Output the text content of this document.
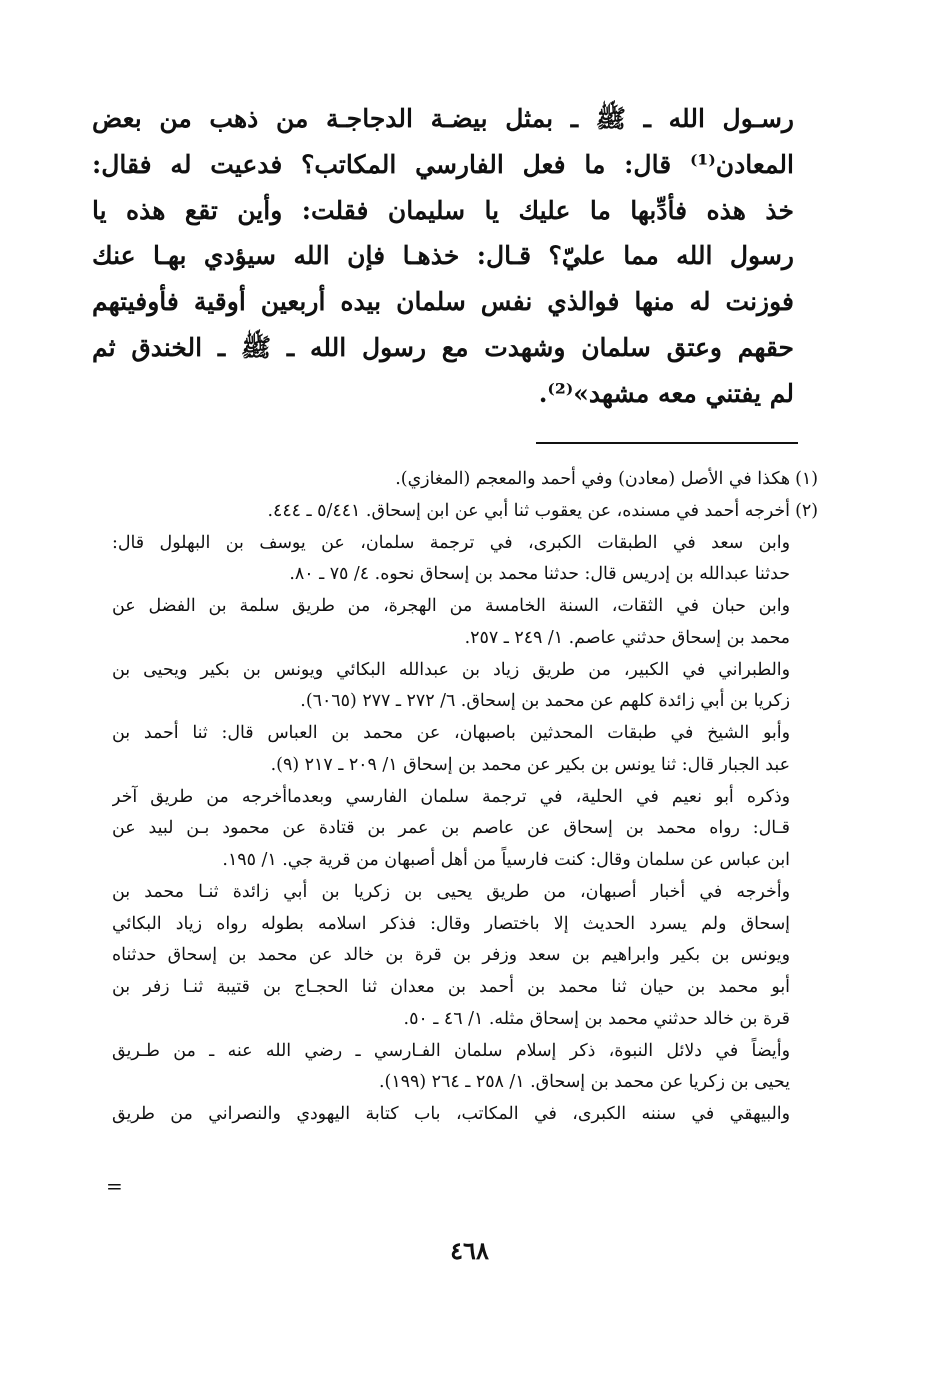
رسـول الله ـ ﷺ ـ بمثل بيضـة الدجاجـة من ذهب من بعض
المعادن⁽¹⁾ قال: ما فعل الفارسي المكاتب؟ فدعيت له فقال:
خذ هذه فأدِّبها ما عليك يا سليمان فقلت: وأين تقع هذه يا
رسول الله مما عليّ؟ قـال: خذهـا فإن الله سيؤدي بهـا عنك
فوزنت له منها فوالذي نفس سلمان بيده أربعين أوقية فأوفيتهم
حقهم وعتق سلمان وشهدت مع رسول الله ـ ﷺ ـ الخندق ثم
لم يفتني معه مشهد»⁽²⁾.
(١)هكذا في الأصل (معادن) وفي أحمد والمعجم (المغازي).
(٢)أخرجه أحمد في مسنده، عن يعقوب ثنا أبي عن ابن إسحاق. ٥/٤٤١ ـ ٤٤٤.
وابن سعد في الطبقات الكبرى، في ترجمة سلمان، عن يوسف بن البهلول قال:
حدثنا عبدالله بن إدريس قال: حدثنا محمد بن إسحاق نحوه. ٤/ ٧٥ ـ ٨٠.
وابن حبان في الثقات، السنة الخامسة من الهجرة، من طريق سلمة بن الفضل عن
محمد بن إسحاق حدثني عاصم. ١/ ٢٤٩ ـ ٢٥٧.
والطبراني في الكبير، من طريق زياد بن عبدالله البكائي ويونس بن بكير ويحيى بن
زكريا بن أبي زائدة كلهم عن محمد بن إسحاق. ٦/ ٢٧٢ ـ ٢٧٧ (٦٠٦٥).
وأبو الشيخ في طبقات المحدثين باصبهان، عن محمد بن العباس قال: ثنا أحمد بن
عبد الجبار قال: ثنا يونس بن بكير عن محمد بن إسحاق ١/ ٢٠٩ ـ ٢١٧ (٩).
وذكره أبو نعيم في الحلية، في ترجمة سلمان الفارسي وبعدماأخرجه من طريق آخر
قـال: رواه محمد بن إسحاق عن عاصم بن عمر بن قتادة عن محمود بـن لبيد عن
ابن عباس عن سلمان وقال: كنت فارسياً من أهل أصبهان من قرية جي. ١/ ١٩٥.
وأخرجه في أخبار أصبهان، من طريق يحيى بن زكريا بن أبي زائدة ثنـا محمد بن
إسحاق ولم يسرد الحديث إلا باختصار وقال: فذكر اسلامه بطوله رواه زياد البكائي
ويونس بن بكير وابراهيم بن سعد وزفر بن قرة بن خالد عن محمد بن إسحاق حدثناه
أبو محمد بن حيان ثنا محمد بن أحمد بن معدان ثنا الحجـاج بن قتيبة ثنـا زفر بن
قرة بن خالد حدثني محمد بن إسحاق مثله. ١/ ٤٦ ـ ٥٠.
وأيضاً في دلائل النبوة، ذكر إسلام سلمان الفـارسي ـ رضي الله عنه ـ من طـريق
يحيى بن زكريا عن محمد بن إسحاق. ١/ ٢٥٨ ـ ٢٦٤ (١٩٩).
والبيهقي في سننه الكبرى، في المكاتب، باب كتابة اليهودي والنصراني من طريق
=
٤٦٨
